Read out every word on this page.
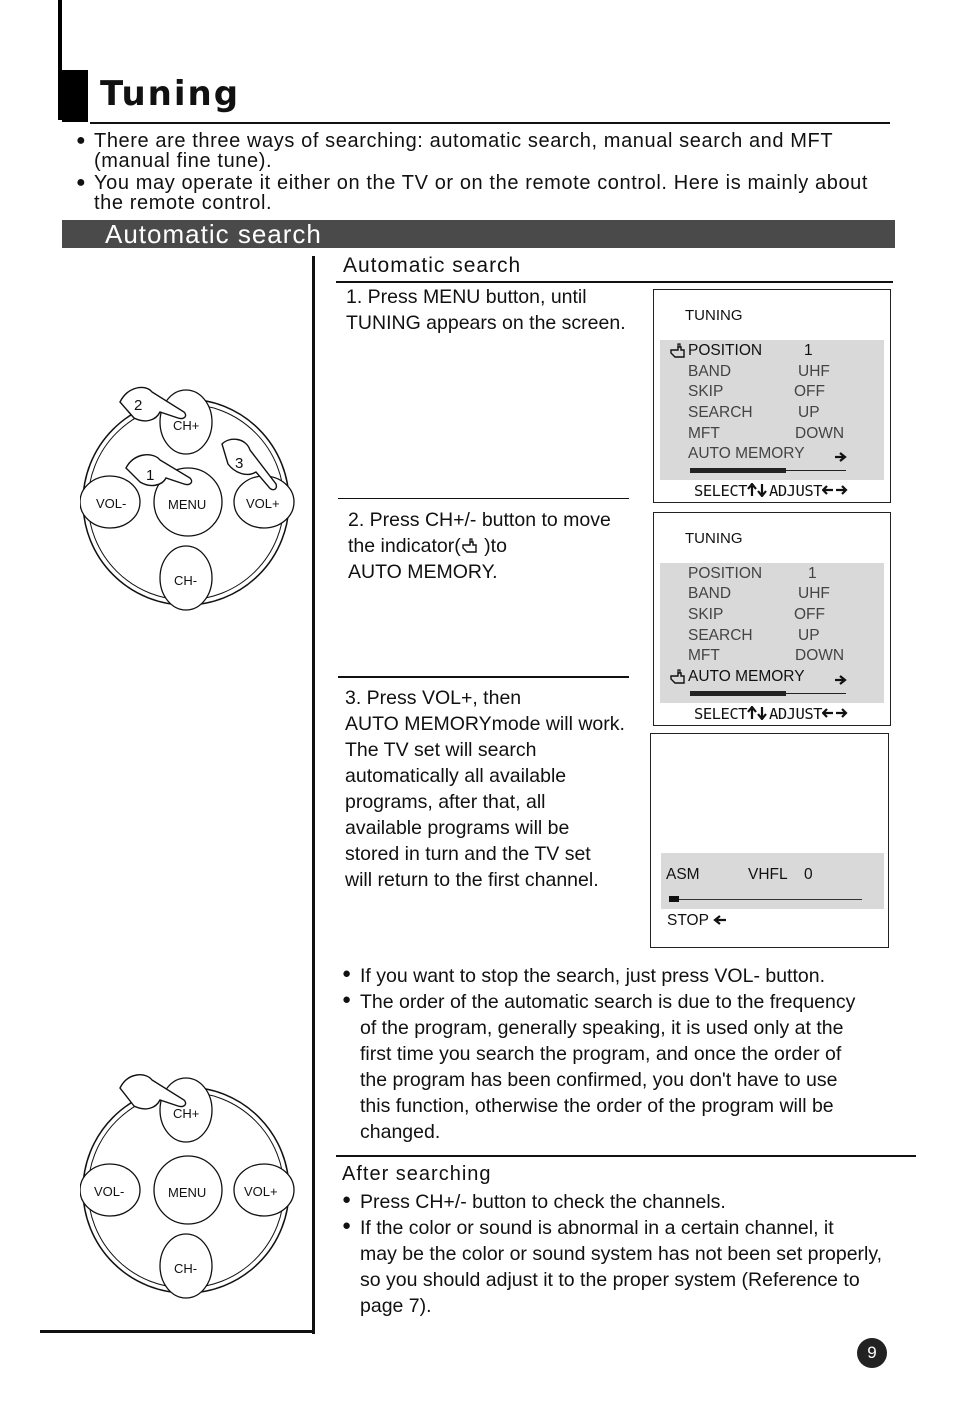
Tuning
● There are three ways of searching: automatic search, manual search and MFT
(manual fine tune).
● You may operate it either on the TV or on the remote control. Here is mainly about
the remote control.
Automatic search
Automatic search
1. Press MENU button, until
TUNING appears on the screen.
2. Press CH+/- button to move
the indicator( )to
AUTO MEMORY.
3. Press VOL+, then
AUTO MEMORYmode will work.
The TV set will search
automatically all available
programs, after that, all
available programs will be
stored in turn and the TV set
will return to the first channel.
TUNING
POSITION	1
BAND	UHF
SKIP	OFF
SEARCH	UP
MFT	DOWN
AUTO MEMORY
SELECT ADJUST
TUNING
POSITION	1
BAND	UHF
SKIP	OFF
SEARCH	UP
MFT	DOWN
AUTO MEMORY
SELECT ADJUST
ASM	VHFL 0
STOP
CH+
CH-
VOL-	VOL+
MENU
2
1
3
CH+
CH-
VOL-	VOL+
MENU
● If you want to stop the search, just press VOL- button.
● The order of the automatic search is due to the frequency
of the program, generally speaking, it is used only at the
first time you search the program, and once the order of
the program has been confirmed, you don't have to use
this function, otherwise the order of the program will be
changed.
After searching
● Press CH+/- button to check the channels.
● If the color or sound is abnormal in a certain channel, it
may be the color or sound system has not been set properly,
so you should adjust it to the proper system (Reference to
page 7).
9
